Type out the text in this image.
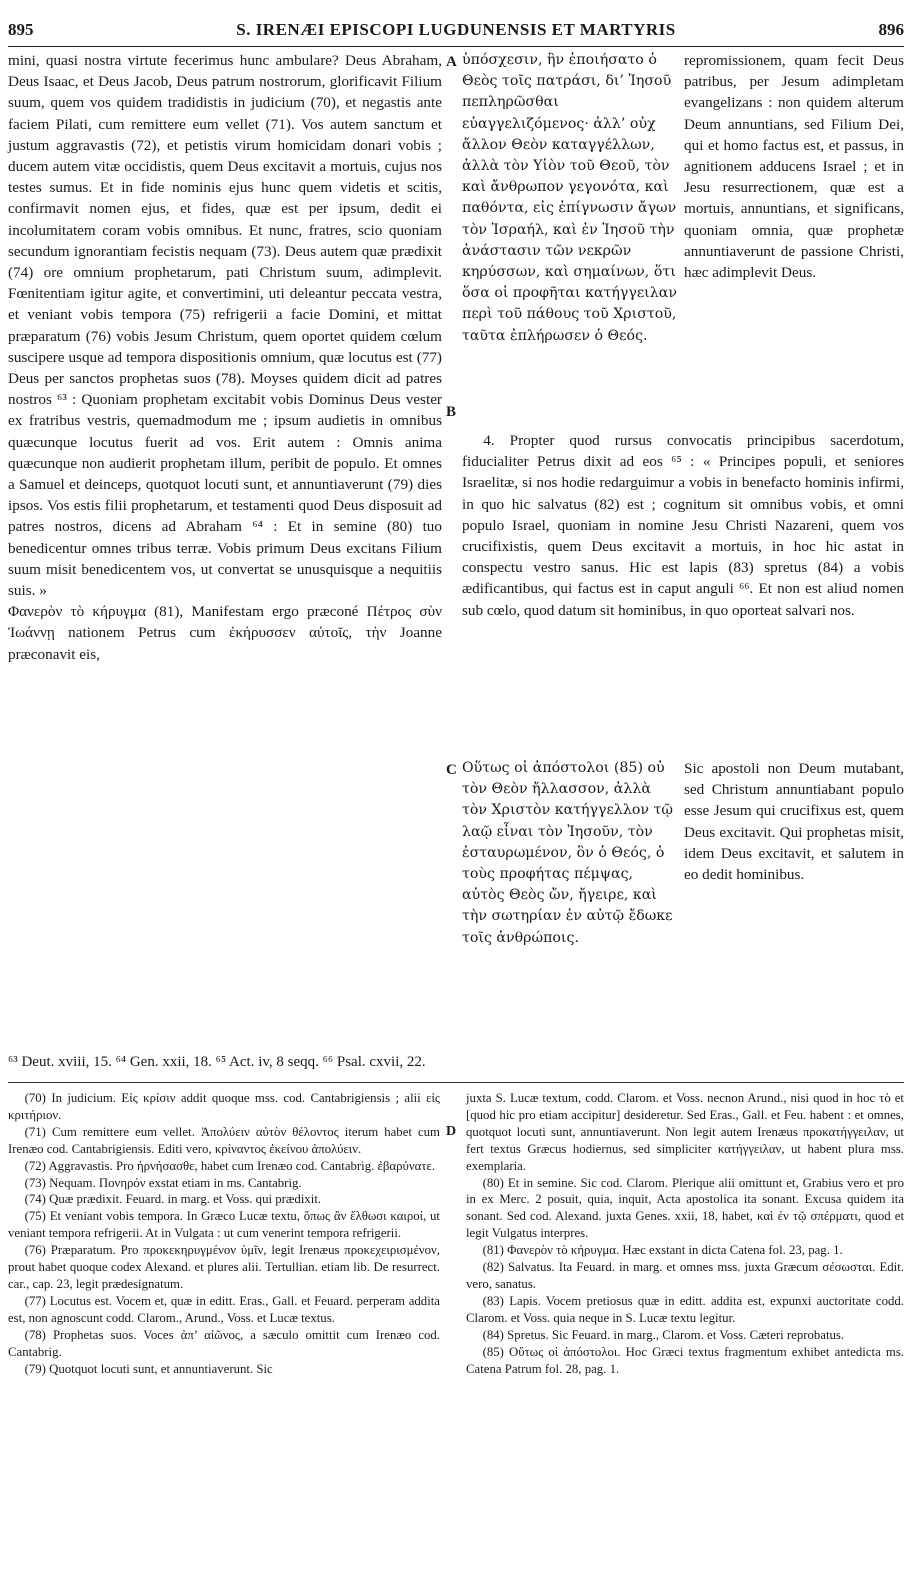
895	S. IRENÆI EPISCOPI LUGDUNENSIS ET MARTYRIS	896

mini, quasi nostra virtute fecerimus hunc ambulare? Deus Abraham, Deus Isaac, et Deus Jacob, Deus patrum nostrorum, glorificavit Filium suum, quem vos quidem tradidistis in judicium (70), et negastis ante faciem Pilati, cum remittere eum vellet (71). Vos autem sanctum et justum aggravastis (72), et petistis virum homicidam donari vobis ; ducem autem vitæ occidistis, quem Deus excitavit a mortuis, cujus nos testes sumus. Et in fide nominis ejus hunc quem videtis et scitis, confirmavit nomen ejus, et fides, quæ est per ipsum, dedit ei incolumitatem coram vobis omnibus. Et nunc, fratres, scio quoniam secundum ignorantiam fecistis nequam (73). Deus autem quæ prædixit (74) ore omnium prophetarum, pati Christum suum, adimplevit. Fœnitentiam igitur agite, et convertimini, uti deleantur peccata vestra, et veniant vobis tempora (75) refrigerii a facie Domini, et mittat præparatum (76) vobis Jesum Christum, quem oportet quidem cœlum suscipere usque ad tempora dispositionis omnium, quæ locutus est (77) Deus per sanctos prophetas suos (78). Moyses quidem dicit ad patres nostros ⁶³ : Quoniam prophetam excitabit vobis Dominus Deus vester ex fratribus vestris, quemadmodum me ; ipsum audietis in omnibus quæcunque locutus fuerit ad vos. Erit autem : Omnis anima quæcunque non audierit prophetam illum, peribit de populo. Et omnes a Samuel et deinceps, quotquot locuti sunt, et annuntiaverunt (79) dies ipsos. Vos estis filii prophetarum, et testamenti quod Deus disposuit ad patres nostros, dicens ad Abraham ⁶⁴ : Et in semine (80) tuo benedicentur omnes tribus terræ. Vobis primum Deus excitans Filium suum misit benedicentem vos, ut convertat se unusquisque a nequitiis suis. »

Φανερὸν τὸ κήρυγμα (81), Manifestam ergo præconé Πέτρος σὺν Ἰωάννῃ nationem Petrus cum ἐκήρυσσεν αὐτοῖς, τὴν Joanne præconavit eis,

A
B
C
ὑπόσχεσιν, ἣν ἐποιήσατο ὁ Θεὸς τοῖς πατράσι, δι’ Ἰησοῦ πεπληρῶσθαι εὐαγγελιζόμενος· ἀλλ’ οὐχ ἄλλον Θεὸν καταγγέλλων, ἀλλὰ τὸν Υἱὸν τοῦ Θεοῦ, τὸν καὶ ἄνθρωπον γεγονότα, καὶ παθόντα, εἰς ἐπίγνωσιν ἄγων τὸν Ἰσραήλ, καὶ ἐν Ἰησοῦ τὴν ἀνάστασιν τῶν νεκρῶν κηρύσσων, καὶ σημαίνων, ὅτι ὅσα οἱ προφῆται κατήγγειλαν περὶ τοῦ πάθους τοῦ Χριστοῦ, ταῦτα ἐπλήρωσεν ὁ Θεός.
repromissionem, quam fecit Deus patribus, per Jesum adimpletam evangelizans : non quidem alterum Deum annuntians, sed Filium Dei, qui et homo factus est, et passus, in agnitionem adducens Israel ; et in Jesu resurrectionem, quæ est a mortuis, annuntians, et significans, quoniam omnia, quæ prophetæ annuntiaverunt de passione Christi, hæc adimplevit Deus.

4. Propter quod rursus convocatis principibus sacerdotum, fiducialiter Petrus dixit ad eos ⁶⁵ : « Principes populi, et seniores Israelitæ, si nos hodie redarguimur a vobis in benefacto hominis infirmi, in quo hic salvatus (82) est ; cognitum sit omnibus vobis, et omni populo Israel, quoniam in nomine Jesu Christi Nazareni, quem vos crucifixistis, quem Deus excitavit a mortuis, in hoc hic astat in conspectu vestro sanus. Hic est lapis (83) spretus (84) a vobis ædificantibus, qui factus est in caput anguli ⁶⁶. Et non est aliud nomen sub cœlo, quod datum sit hominibus, in quo oporteat salvari nos.

Οὕτως οἱ ἀπόστολοι (85) οὐ τὸν Θεὸν ἤλλασσον, ἀλλὰ τὸν Χριστὸν κατήγγελλον τῷ λαῷ εἶναι τὸν Ἰησοῦν, τὸν ἐσταυρωμένον, ὃν ὁ Θεός, ὁ τοὺς προφήτας πέμψας, αὐτὸς Θεὸς ὤν, ἤγειρε, καὶ τὴν σωτηρίαν ἐν αὐτῷ ἔδωκε τοῖς ἀνθρώποις.
Sic apostoli non Deum mutabant, sed Christum annuntiabant populo esse Jesum qui crucifixus est, quem Deus excitavit. Qui prophetas misit, idem Deus excitavit, et salutem in eo dedit hominibus.
⁶³ Deut. xviii, 15. ⁶⁴ Gen. xxii, 18. ⁶⁵ Act. iv, 8 seqq. ⁶⁶ Psal. cxvii, 22.
D

(70) In judicium. Εἰς κρίσιν addit quoque mss. cod. Cantabrigiensis ; alii εἰς κριτήριον.

(71) Cum remittere eum vellet. Ἀπολύειν αὐτὸν θέλοντος iterum habet cum Irenæo cod. Cantabrigiensis. Editi vero, κρίναντος ἐκείνου ἀπολύειν.

(72) Aggravastis. Pro ἠρνήσασθε, habet cum Irenæo cod. Cantabrig. ἐβαρύνατε.

(73) Nequam. Πονηρόν exstat etiam in ms. Cantabrig.

(74) Quæ prædixit. Feuard. in marg. et Voss. qui prædixit.

(75) Et veniant vobis tempora. In Græco Lucæ textu, ὅπως ἂν ἔλθωσι καιροί, ut veniant tempora refrigerii. At in Vulgata : ut cum venerint tempora refrigerii.

(76) Præparatum. Pro προκεκηρυγμένον ὑμῖν, legit Irenæus προκεχειρισμένον, prout habet quoque codex Alexand. et plures alii. Tertullian. etiam lib. De resurrect. car., cap. 23, legit prædesignatum.

(77) Locutus est. Vocem et, quæ in editt. Eras., Gall. et Feuard. perperam addita est, non agnoscunt codd. Clarom., Arund., Voss. et Lucæ textus.

(78) Prophetas suos. Voces ἀπ’ αἰῶνος, a sæculo omittit cum Irenæo cod. Cantabrig.

(79) Quotquot locuti sunt, et annuntiaverunt. Sic

juxta S. Lucæ textum, codd. Clarom. et Voss. necnon Arund., nisi quod in hoc τὸ et [quod hic pro etiam accipitur] desideretur. Sed Eras., Gall. et Feu. habent : et omnes, quotquot locuti sunt, annuntiaverunt. Non legit autem Irenæus προκατήγγειλαν, ut fert textus Græcus hodiernus, sed simpliciter κατήγγειλαν, ut habent plura mss. exemplaria.

(80) Et in semine. Sic cod. Clarom. Plerique alii omittunt et, Grabius vero et pro in ex Merc. 2 posuit, quia, inquit, Acta apostolica ita sonant. Excusa quidem ita sonant. Sed cod. Alexand. juxta Genes. xxii, 18, habet, καὶ ἐν τῷ σπέρματι, quod et legit Vulgatus interpres.

(81) Φανερὸν τὸ κήρυγμα. Hæc exstant in dicta Catena fol. 23, pag. 1.

(82) Salvatus. Ita Feuard. in marg. et omnes mss. juxta Græcum σέσωσται. Edit. vero, sanatus.

(83) Lapis. Vocem pretiosus quæ in editt. addita est, expunxi auctoritate codd. Clarom. et Voss. quia neque in S. Lucæ textu legitur.

(84) Spretus. Sic Feuard. in marg., Clarom. et Voss. Cæteri reprobatus.

(85) Οὕτως οἱ ἀπόστολοι. Hoc Græci textus fragmentum exhibet antedicta ms. Catena Patrum fol. 28, pag. 1.
